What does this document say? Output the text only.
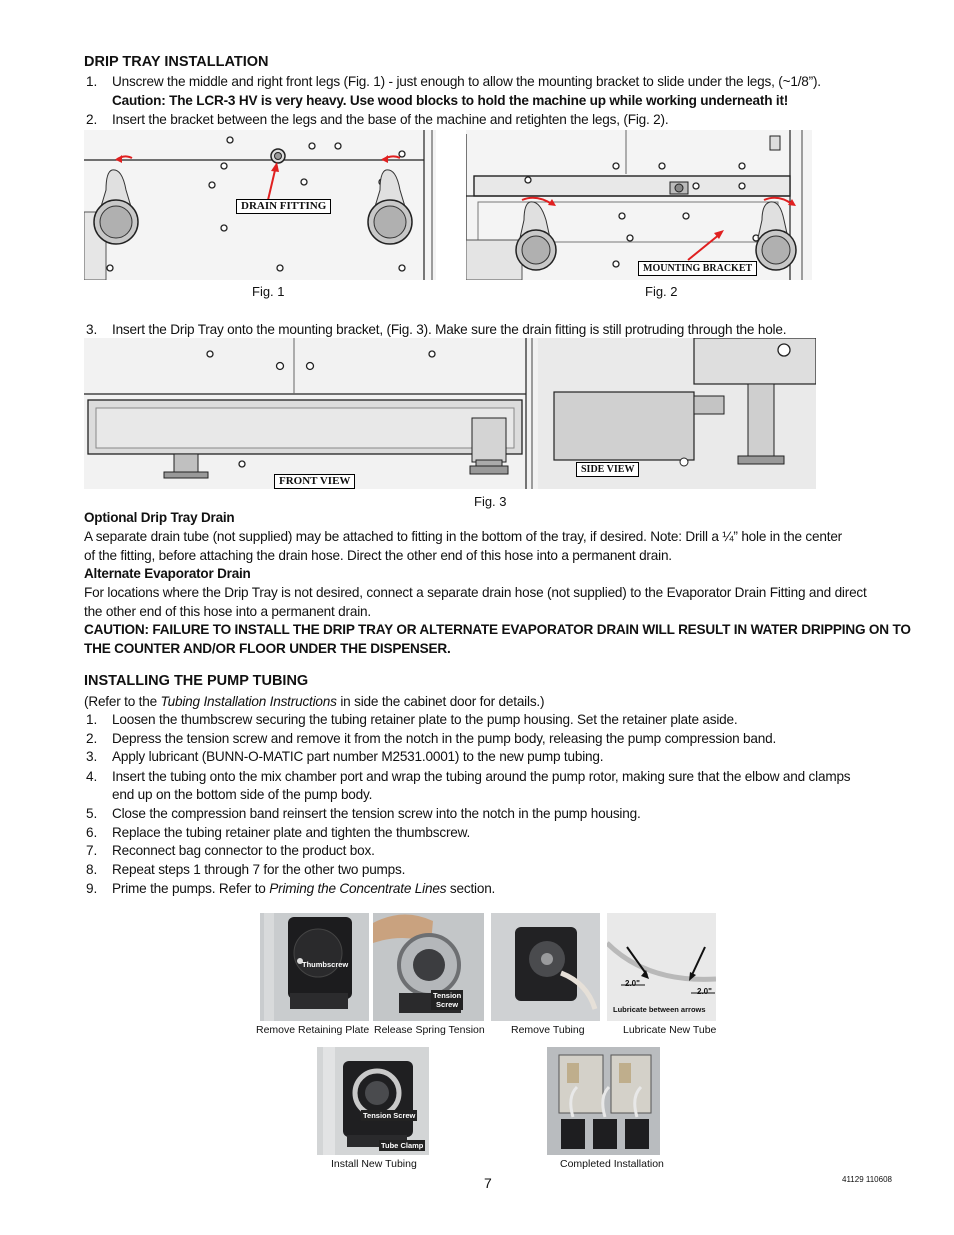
DRIP TRAY INSTALLATION
1. Unscrew the middle and right front legs (Fig. 1) - just enough to allow the mounting bracket to slide under the legs, (~1/8”).
Caution: The LCR-3 HV is very heavy. Use wood blocks to hold the machine up while working underneath it!
2. Insert the bracket between the legs and the base of the machine and retighten the legs, (Fig. 2).
DRAIN FITTING
Fig. 1
MOUNTING BRACKET
Fig. 2
3. Insert the Drip Tray onto the mounting bracket, (Fig. 3). Make sure the drain fitting is still protruding through the hole.
FRONT VIEW
SIDE VIEW
Fig. 3
Optional Drip Tray Drain
A separate drain tube (not supplied) may be attached to fitting in the bottom of the tray, if desired. Note: Drill a ¼” hole in the center
of the fitting, before attaching the drain hose. Direct the other end of this hose into a permanent drain.
Alternate Evaporator Drain
For locations where the Drip Tray is not desired, connect a separate drain hose (not supplied) to the Evaporator Drain Fitting and direct
the other end of this hose into a permanent drain.
CAUTION: FAILURE TO INSTALL THE DRIP TRAY OR ALTERNATE EVAPORATOR DRAIN WILL RESULT IN WATER DRIPPING ON TO
THE COUNTER AND/OR FLOOR UNDER THE DISPENSER.
INSTALLING THE PUMP TUBING
(Refer to the Tubing Installation Instructions in side the cabinet door for details.)
1. Loosen the thumbscrew securing the tubing retainer plate to the pump housing. Set the retainer plate aside.
2. Depress the tension screw and remove it from the notch in the pump body, releasing the pump compression band.
3. Apply lubricant (BUNN-O-MATIC part number M2531.0001) to the new pump tubing.
4. Insert the tubing onto the mix chamber port and wrap the tubing around the pump rotor, making sure that the elbow and clamps
end up on the bottom side of the pump body.
5. Close the compression band reinsert the tension screw into the notch in the pump housing.
6. Replace the tubing retainer plate and tighten the thumbscrew.
7. Reconnect bag connector to the product box.
8. Repeat steps 1 through 7 for the other two pumps.
9. Prime the pumps. Refer to Priming the Concentrate Lines section.
Thumbscrew
Tension
Screw
2.0"
2.0"
Lubricate between arrows
Remove Retaining Plate Release Spring Tension	Remove Tubing	Lubricate New Tube
Tension Screw
Tube Clamp
Install New Tubing	Completed Installation
7	41129 110608
